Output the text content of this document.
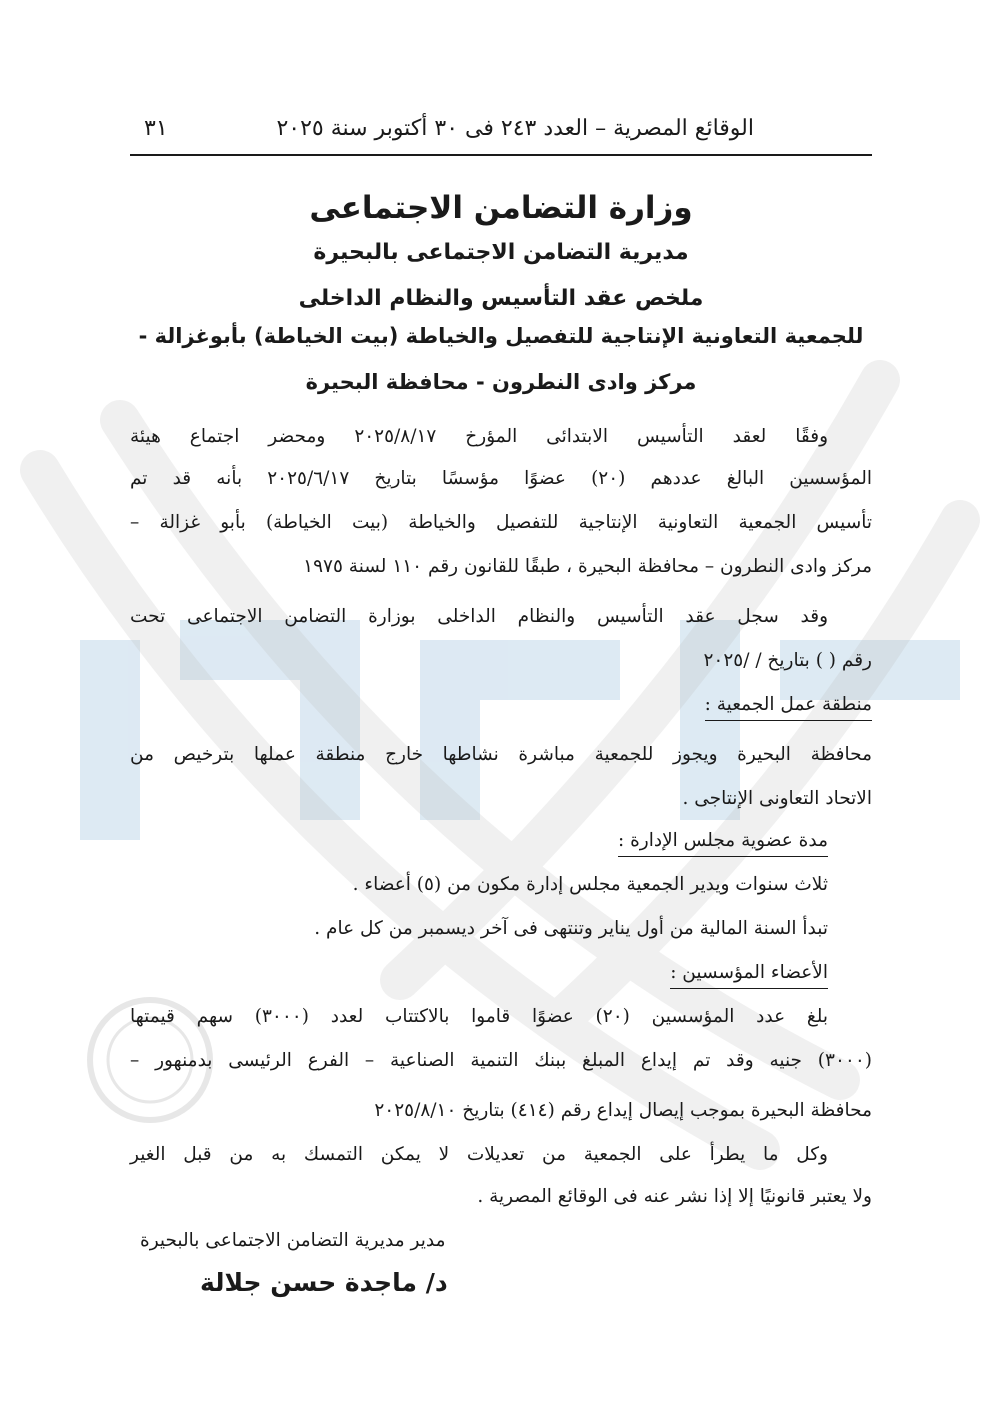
الوقائع المصرية – العدد ٢٤٣ فى ٣٠ أكتوبر سنة ٢٠٢٥
٣١
وزارة التضامن الاجتماعى
مديرية التضامن الاجتماعى بالبحيرة
ملخص عقد التأسيس والنظام الداخلى
للجمعية التعاونية الإنتاجية للتفصيل والخياطة (بيت الخياطة) بأبوغزالة -
مركز وادى النطرون - محافظة البحيرة
وفقًا لعقد التأسيس الابتدائى المؤرخ ٢٠٢٥/٨/١٧ ومحضر اجتماع هيئة
المؤسسين البالغ عددهم (٢٠) عضوًا مؤسسًا بتاريخ ٢٠٢٥/٦/١٧ بأنه قد تم
تأسيس الجمعية التعاونية الإنتاجية للتفصيل والخياطة (بيت الخياطة) بأبو غزالة –
مركز وادى النطرون – محافظة البحيرة ، طبقًا للقانون رقم ١١٠ لسنة ١٩٧٥
وقد سجل عقد التأسيس والنظام الداخلى بوزارة التضامن الاجتماعى تحت
رقم ( ) بتاريخ / /٢٠٢٥
منطقة عمل الجمعية :
محافظة البحيرة ويجوز للجمعية مباشرة نشاطها خارج منطقة عملها بترخيص من
الاتحاد التعاونى الإنتاجى .
مدة عضوية مجلس الإدارة :
ثلاث سنوات ويدير الجمعية مجلس إدارة مكون من (٥) أعضاء .
تبدأ السنة المالية من أول يناير وتنتهى فى آخر ديسمبر من كل عام .
الأعضاء المؤسسين :
بلغ عدد المؤسسين (٢٠) عضوًا قاموا بالاكتتاب لعدد (٣٠٠٠) سهم قيمتها
(٣٠٠٠) جنيه وقد تم إيداع المبلغ ببنك التنمية الصناعية – الفرع الرئيسى بدمنهور –
محافظة البحيرة بموجب إيصال إيداع رقم (٤١٤) بتاريخ ٢٠٢٥/٨/١٠
وكل ما يطرأ على الجمعية من تعديلات لا يمكن التمسك به من قبل الغير
ولا يعتبر قانونيًا إلا إذا نشر عنه فى الوقائع المصرية .
مدير مديرية التضامن الاجتماعى بالبحيرة
د/ ماجدة حسن جلالة
